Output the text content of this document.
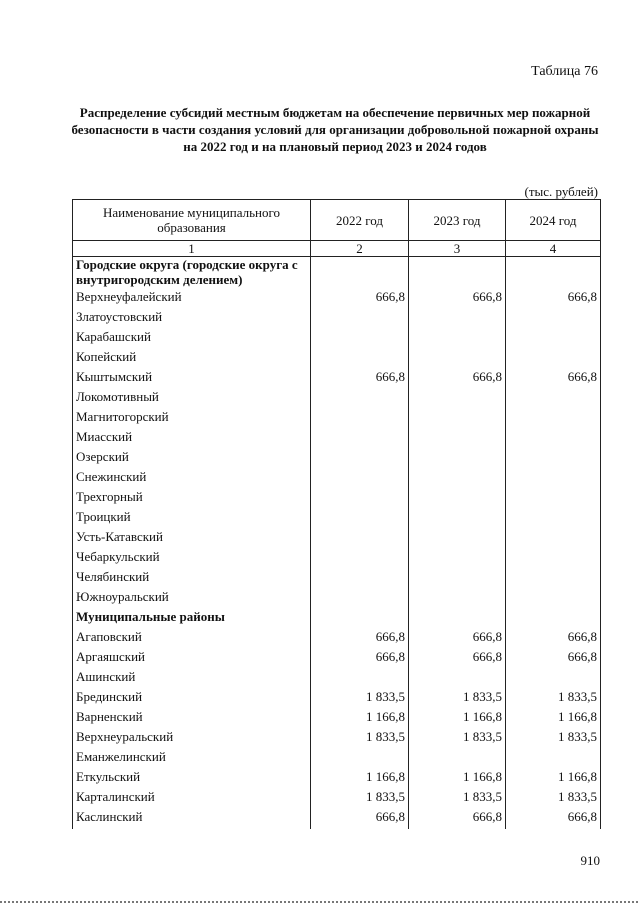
Таблица 76
Распределение субсидий местным бюджетам на обеспечение первичных мер пожарной безопасности в части создания условий для организации добровольной пожарной охраны на 2022 год и на плановый период 2023 и 2024 годов
(тыс. рублей)
Наименование муниципального образования	2022 год	2023 год	2024 год
1	2	3	4
Городские округа (городские округа с внутригородским делением)			
Верхнеуфалейский	666,8	666,8	666,8
Златоустовский			
Карабашский			
Копейский			
Кыштымский	666,8	666,8	666,8
Локомотивный			
Магнитогорский			
Миасский			
Озерский			
Снежинский			
Трехгорный			
Троицкий			
Усть-Катавский			
Чебаркульский			
Челябинский			
Южноуральский			
Муниципальные районы			
Агаповский	666,8	666,8	666,8
Аргаяшский	666,8	666,8	666,8
Ашинский			
Брединский	1 833,5	1 833,5	1 833,5
Варненский	1 166,8	1 166,8	1 166,8
Верхнеуральский	1 833,5	1 833,5	1 833,5
Еманжелинский			
Еткульский	1 166,8	1 166,8	1 166,8
Карталинский	1 833,5	1 833,5	1 833,5
Каслинский	666,8	666,8	666,8
910
